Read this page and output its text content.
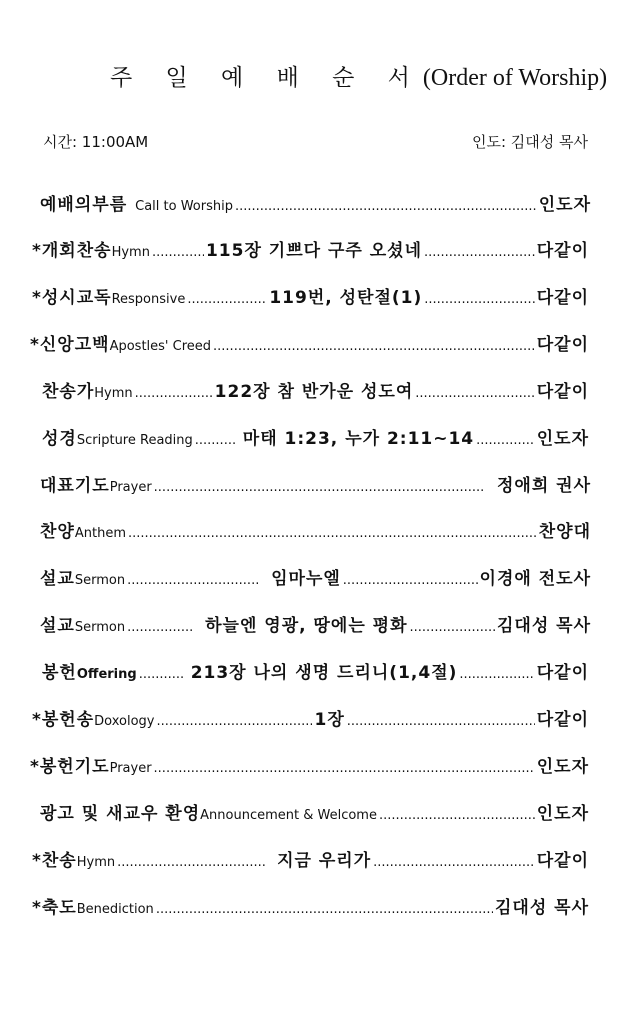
주 일 예 배 순 서(Order of Worship)
시간: 11:00AM	인도: 김대성 목사
예배의부름 Call to Worship .....	인도자
*개회찬송 Hymn .....	115장 기쁘다 구주 오셨네 .....	다같이
*성시교독 Responsive .....	119번, 성탄절(1) .....	다같이
*신앙고백 Apostles' Creed .....	다같이
찬송가 Hymn .....	122장 참 반가운 성도여 .....	다같이
성경 Scripture Reading .....	마태 1:23, 누가 2:11~14 .....	인도자
대표기도 Prayer .....	정애희 권사
찬양 Anthem .....	찬양대
설교 Sermon .....	임마누엘 .....	이경애 전도사
설교 Sermon .....	하늘엔 영광, 땅에는 평화 .....	김대성 목사
봉헌 Offering .....	213장 나의 생명 드리니(1,4절) .....	다같이
*봉헌송 Doxology .....	1장 .....	다같이
*봉헌기도 Prayer .....	인도자
광고 및 새교우 환영 Announcement & Welcome .....	인도자
*찬송 Hymn .....	지금 우리가 .....	다같이
*축도 Benediction .....	김대성 목사
